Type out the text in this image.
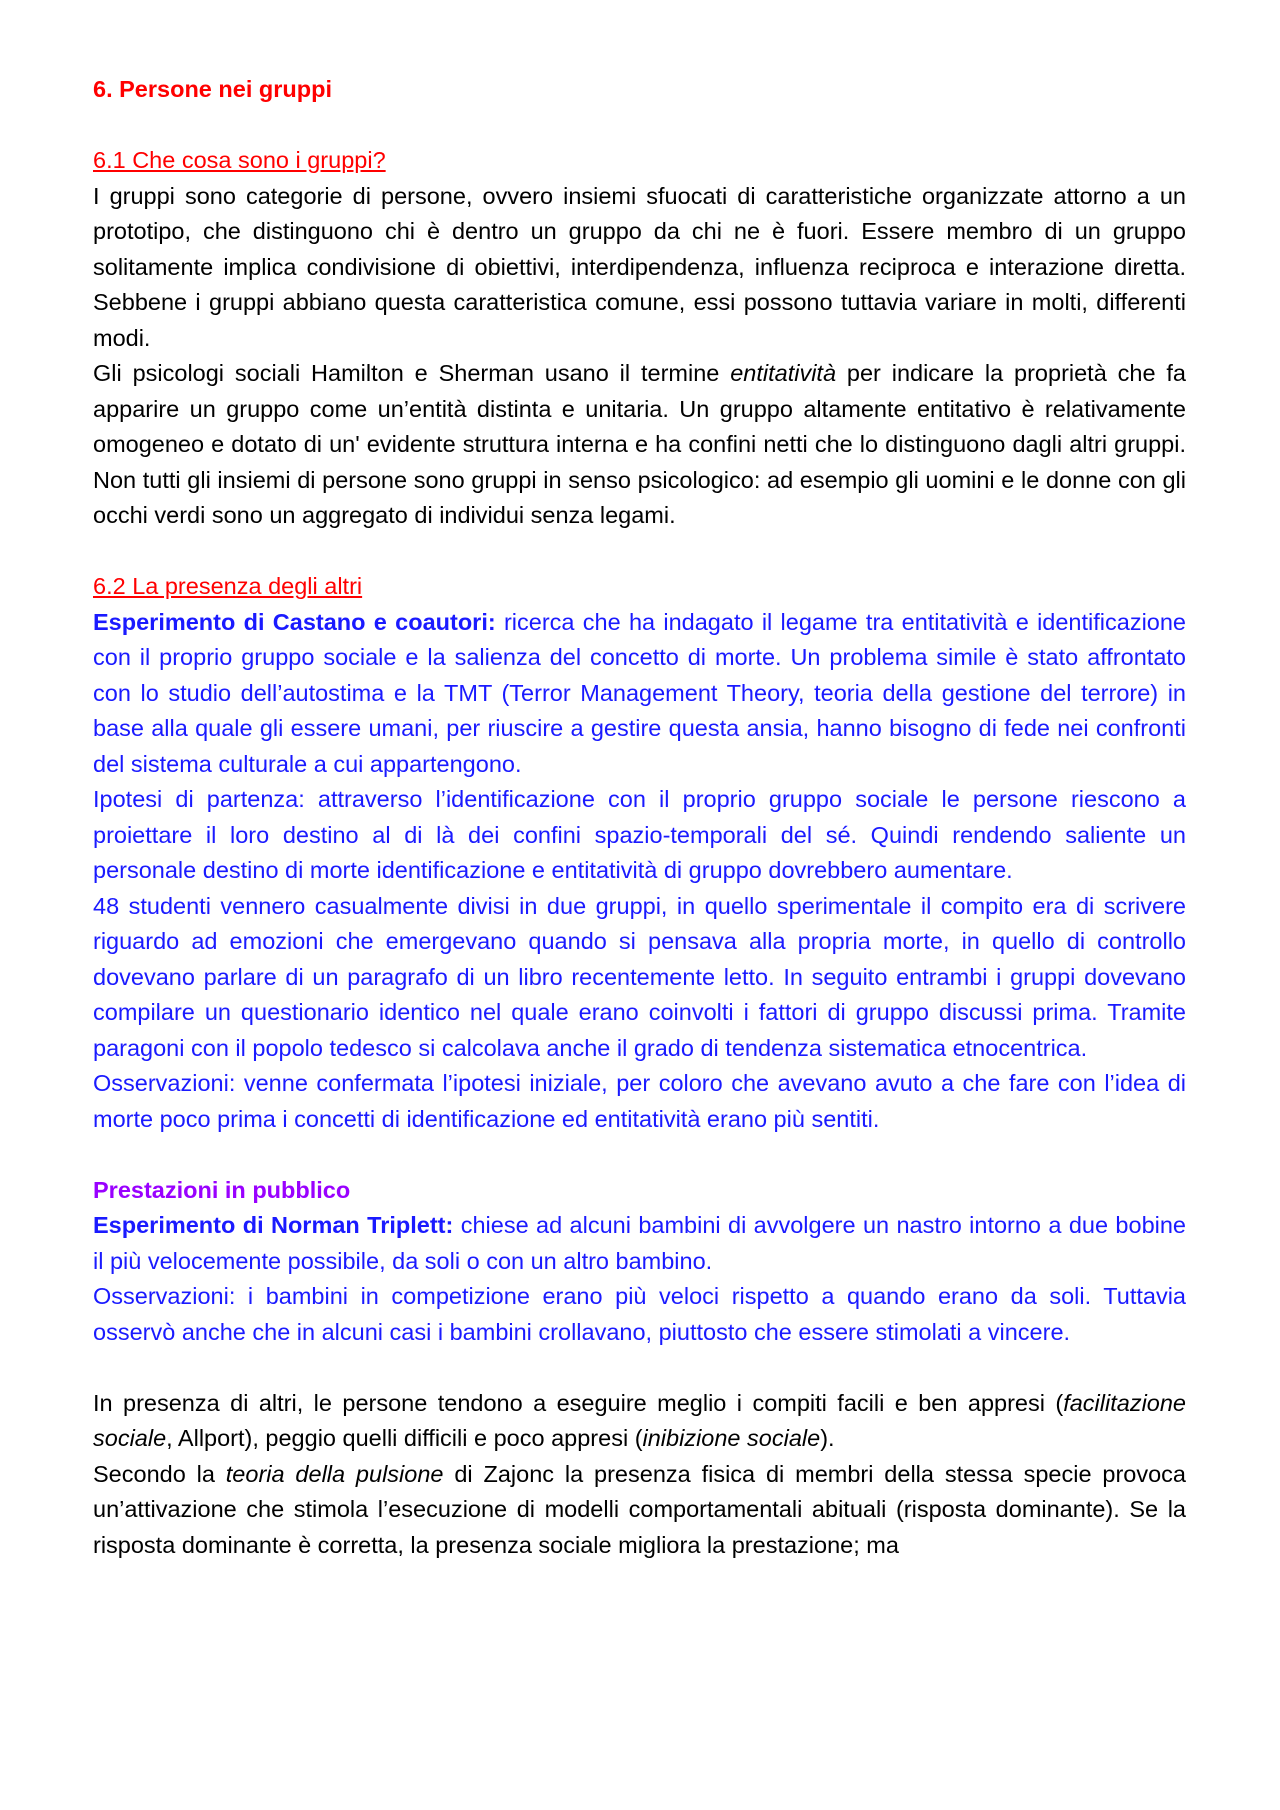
6. Persone nei gruppi

6.1 Che cosa sono i gruppi?

I gruppi sono categorie di persone, ovvero insiemi sfuocati di caratteristiche organizzate attorno a un prototipo, che distinguono chi è dentro un gruppo da chi ne è fuori. Essere membro di un gruppo solitamente implica condivisione di obiettivi, interdipendenza, influenza reciproca e interazione diretta. Sebbene i gruppi abbiano questa caratteristica comune, essi possono tuttavia variare in molti, differenti modi.

Gli psicologi sociali Hamilton e Sherman usano il termine entitatività per indicare la proprietà che fa apparire un gruppo come un’entità distinta e unitaria. Un gruppo altamente entitativo è relativamente omogeneo e dotato di un' evidente struttura interna e ha confini netti che lo distinguono dagli altri gruppi. Non tutti gli insiemi di persone sono gruppi in senso psicologico: ad esempio gli uomini e le donne con gli occhi verdi sono un aggregato di individui senza legami.

6.2 La presenza degli altri

Esperimento di Castano e coautori: ricerca che ha indagato il legame tra entitatività e identificazione con il proprio gruppo sociale e la salienza del concetto di morte. Un problema simile è stato affrontato con lo studio dell’autostima e la TMT (Terror Management Theory, teoria della gestione del terrore) in base alla quale gli essere umani, per riuscire a gestire questa ansia, hanno bisogno di fede nei confronti del sistema culturale a cui appartengono.

Ipotesi di partenza: attraverso l’identificazione con il proprio gruppo sociale le persone riescono a proiettare il loro destino al di là dei confini spazio-temporali del sé. Quindi rendendo saliente un personale destino di morte identificazione e entitatività di gruppo dovrebbero aumentare.

48 studenti vennero casualmente divisi in due gruppi, in quello sperimentale il compito era di scrivere riguardo ad emozioni che emergevano quando si pensava alla propria morte, in quello di controllo dovevano parlare di un paragrafo di un libro recentemente letto. In seguito entrambi i gruppi dovevano compilare un questionario identico nel quale erano coinvolti i fattori di gruppo discussi prima. Tramite paragoni con il popolo tedesco si calcolava anche il grado di tendenza sistematica etnocentrica.

Osservazioni: venne confermata l’ipotesi iniziale, per coloro che avevano avuto a che fare con l’idea di morte poco prima i concetti di identificazione ed entitatività erano più sentiti.

Prestazioni in pubblico

Esperimento di Norman Triplett: chiese ad alcuni bambini di avvolgere un nastro intorno a due bobine il più velocemente possibile, da soli o con un altro bambino.

Osservazioni: i bambini in competizione erano più veloci rispetto a quando erano da soli. Tuttavia osservò anche che in alcuni casi i bambini crollavano, piuttosto che essere stimolati a vincere.

In presenza di altri, le persone tendono a eseguire meglio i compiti facili e ben appresi (facilitazione sociale, Allport), peggio quelli difficili e poco appresi (inibizione sociale).

Secondo la teoria della pulsione di Zajonc la presenza fisica di membri della stessa specie provoca un’attivazione che stimola l’esecuzione di modelli comportamentali abituali (risposta dominante). Se la risposta dominante è corretta, la presenza sociale migliora la prestazione; ma
